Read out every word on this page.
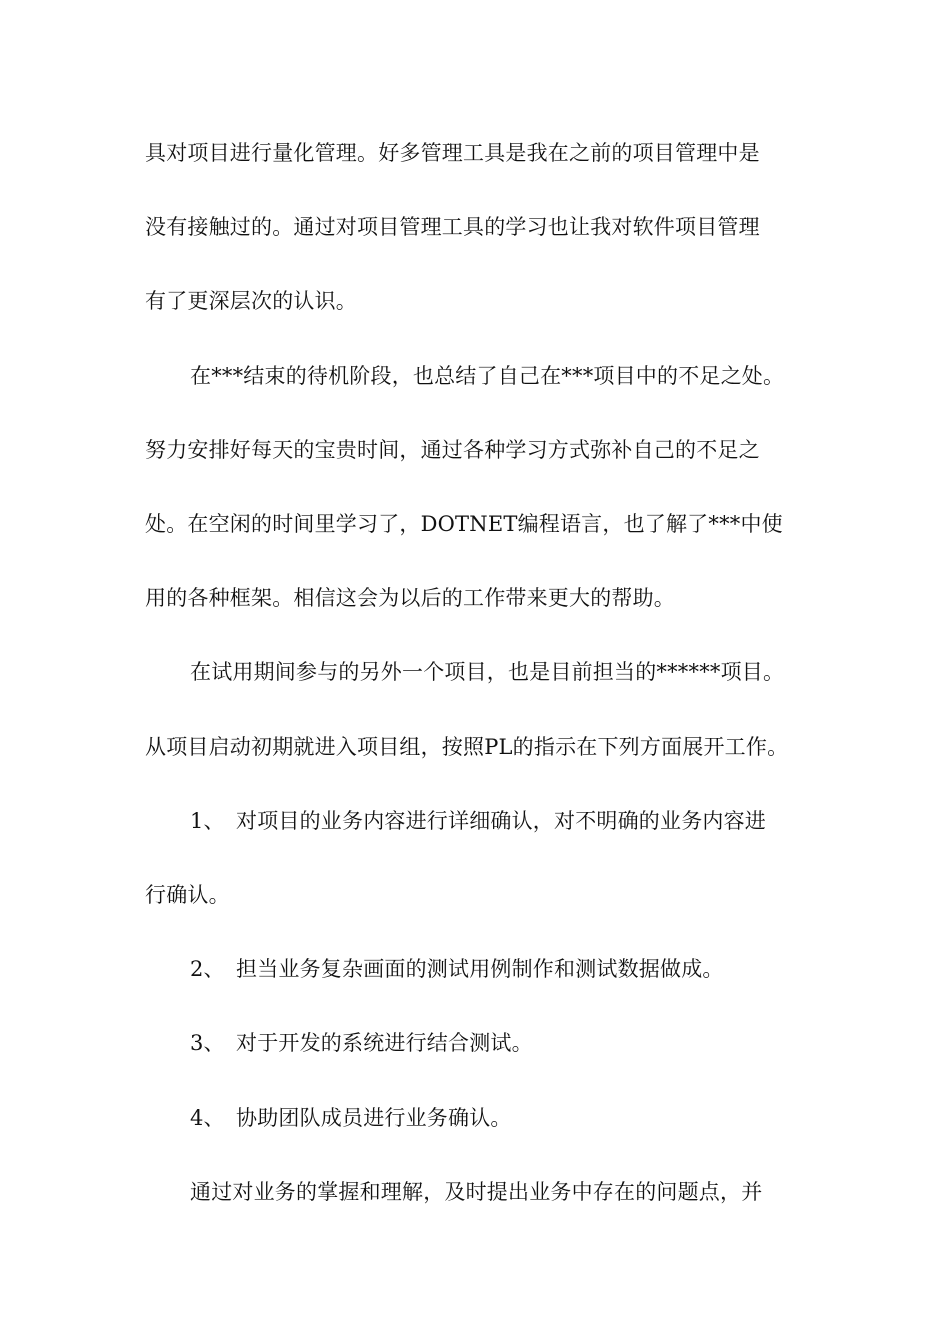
具对项目进行量化管理。好多管理工具是我在之前的项目管理中是
没有接触过的。通过对项目管理工具的学习也让我对软件项目管理
有了更深层次的认识。
在***结束的待机阶段，也总结了自己在***项目中的不足之处。
努力安排好每天的宝贵时间，通过各种学习方式弥补自己的不足之
处。在空闲的时间里学习了，DOTNET编程语言，也了解了***中使
用的各种框架。相信这会为以后的工作带来更大的帮助。
在试用期间参与的另外一个项目，也是目前担当的******项目。
从项目启动初期就进入项目组，按照PL的指示在下列方面展开工作。
1、 对项目的业务内容进行详细确认，对不明确的业务内容进
行确认。
2、 担当业务复杂画面的测试用例制作和测试数据做成。
3、 对于开发的系统进行结合测试。
4、 协助团队成员进行业务确认。
通过对业务的掌握和理解，及时提出业务中存在的问题点，并
